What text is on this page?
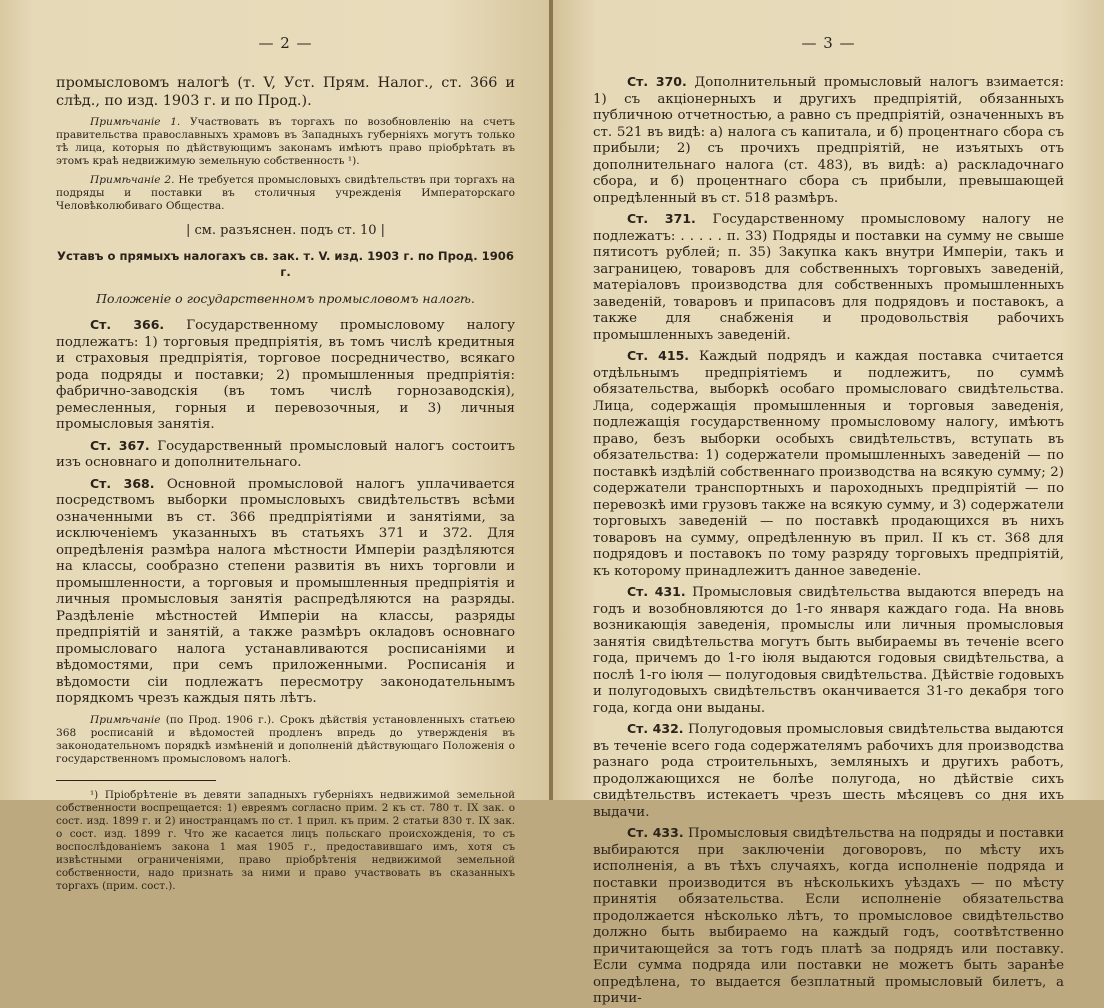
— 2 —

промысловомъ налогѣ (т. V, Уст. Прям. Налог., ст. 366 и слѣд., по изд. 1903 г. и по Прод.).

Примѣчаніе 1. Участвовать въ торгахъ по возобновленію на счетъ правительства православныхъ храмовъ въ Западныхъ губерніяхъ могутъ только тѣ лица, которыя по дѣйствующимъ законамъ имѣютъ право пріобрѣтать въ этомъ краѣ недвижимую земельную собственность ¹).

Примѣчаніе 2. Не требуется промысловыхъ свидѣтельствъ при торгахъ на подряды и поставки въ столичныя учрежденія Императорскаго Человѣколюбиваго Общества.

| см. разъяснен. подъ ст. 10 |
Уставъ о прямыхъ налогахъ св. зак. т. V. изд. 1903 г. по Прод. 1906 г.
Положеніе о государственномъ промысловомъ налогѣ.

Ст. 366. Государственному промысловому налогу подлежатъ: 1) торговыя предпріятія, въ томъ числѣ кредитныя и страховыя предпріятія, торговое посредничество, всякаго рода подряды и поставки; 2) промышленныя предпріятія: фабрично-заводскія (въ томъ числѣ горнозаводскія), ремесленныя, горныя и перевозочныя, и 3) личныя промысловыя занятія.

Ст. 367. Государственный промысловый налогъ состоитъ изъ основнаго и дополнительнаго.

Ст. 368. Основной промысловой налогъ уплачивается посредствомъ выборки промысловыхъ свидѣтельствъ всѣми означенными въ ст. 366 предпріятіями и занятіями, за исключеніемъ указанныхъ въ статьяхъ 371 и 372. Для опредѣленія размѣра налога мѣстности Имперіи раздѣляются на классы, сообразно степени развитія въ нихъ торговли и промышленности, а торговыя и промышленныя предпріятія и личныя промысловыя занятія распредѣляются на разряды. Раздѣленіе мѣстностей Имперіи на классы, разряды предпріятій и занятій, а также размѣръ окладовъ основнаго промысловаго налога устанавливаются росписаніями и вѣдомостями, при семъ приложенными. Росписанія и вѣдомости сіи подлежатъ пересмотру законодательнымъ порядкомъ чрезъ каждыя пять лѣтъ.

Примѣчаніе (по Прод. 1906 г.). Срокъ дѣйствія установленныхъ статьею 368 росписаній и вѣдомостей продленъ впредь до утвержденія въ законодательномъ порядкѣ измѣненій и дополненій дѣйствующаго Положенія о государственномъ промысловомъ налогѣ.

¹) Пріобрѣтеніе въ девяти западныхъ губерніяхъ недвижимой земельной собственности воспрещается: 1) евреямъ согласно прим. 2 къ ст. 780 т. IX зак. о сост. изд. 1899 г. и 2) иностранцамъ по ст. 1 прил. къ прим. 2 статьи 830 т. IX зак. о сост. изд. 1899 г. Что же касается лицъ польскаго происхожденія, то съ воспослѣдованіемъ закона 1 мая 1905 г., предоставившаго имъ, хотя съ извѣстными ограниченіями, право пріобрѣтенія недвижимой земельной собственности, надо признать за ними и право участвовать въ сказанныхъ торгахъ (прим. сост.).

— 3 —

Ст. 370. Дополнительный промысловый налогъ взимается: 1) съ акціонерныхъ и другихъ предпріятій, обязанныхъ публичною отчетностью, а равно съ предпріятій, означенныхъ въ ст. 521 въ видѣ: а) налога съ капитала, и б) процентнаго сбора съ прибыли; 2) съ прочихъ предпріятій, не изъятыхъ отъ дополнительнаго налога (ст. 483), въ видѣ: а) раскладочнаго сбора, и б) процентнаго сбора съ прибыли, превышающей опредѣленный въ ст. 518 размѣръ.

Ст. 371. Государственному промысловому налогу не подлежатъ: . . . . . п. 33) Подряды и поставки на сумму не свыше пятисотъ рублей; п. 35) Закупка какъ внутри Имперіи, такъ и заграницею, товаровъ для собственныхъ торговыхъ заведеній, матеріаловъ производства для собственныхъ промышленныхъ заведеній, товаровъ и припасовъ для подрядовъ и поставокъ, а также для снабженія и продовольствія рабочихъ промышленныхъ заведеній.

Ст. 415. Каждый подрядъ и каждая поставка считается отдѣльнымъ предпріятіемъ и подлежитъ, по суммѣ обязательства, выборкѣ особаго промысловаго свидѣтельства. Лица, содержащія промышленныя и торговыя заведенія, подлежащія государственному промысловому налогу, имѣютъ право, безъ выборки особыхъ свидѣтельствъ, вступать въ обязательства: 1) содержатели промышленныхъ заведеній — по поставкѣ издѣлій собственнаго производства на всякую сумму; 2) содержатели транспортныхъ и пароходныхъ предпріятій — по перевозкѣ ими грузовъ также на всякую сумму, и 3) содержатели торговыхъ заведеній — по поставкѣ продающихся въ нихъ товаровъ на сумму, опредѣленную въ прил. II къ ст. 368 для подрядовъ и поставокъ по тому разряду торговыхъ предпріятій, къ которому принадлежитъ данное заведеніе.

Ст. 431. Промысловыя свидѣтельства выдаются впередъ на годъ и возобновляются до 1-го января каждаго года. На вновь возникающія заведенія, промыслы или личныя промысловыя занятія свидѣтельства могутъ быть выбираемы въ теченіе всего года, причемъ до 1-го іюля выдаются годовыя свидѣтельства, а послѣ 1-го іюля — полугодовыя свидѣтельства. Дѣйствіе годовыхъ и полугодовыхъ свидѣтельствъ оканчивается 31-го декабря того года, когда они выданы.

Ст. 432. Полугодовыя промысловыя свидѣтельства выдаются въ теченіе всего года содержателямъ рабочихъ для производства разнаго рода строительныхъ, земляныхъ и другихъ работъ, продолжающихся не болѣе полугода, но дѣйствіе сихъ свидѣтельствъ истекаетъ чрезъ шесть мѣсяцевъ со дня ихъ выдачи.

Ст. 433. Промысловыя свидѣтельства на подряды и поставки выбираются при заключеніи договоровъ, по мѣсту ихъ исполненія, а въ тѣхъ случаяхъ, когда исполненіе подряда и поставки производится въ нѣсколькихъ уѣздахъ — по мѣсту принятія обязательства. Если исполненіе обязательства продолжается нѣсколько лѣтъ, то промысловое свидѣтельство должно быть выбираемо на каждый годъ, соотвѣтственно причитающейся за тотъ годъ платѣ за подрядъ или поставку. Если сумма подряда или поставки не можетъ быть заранѣе опредѣлена, то выдается безплатный промысловый билетъ, а причи-
